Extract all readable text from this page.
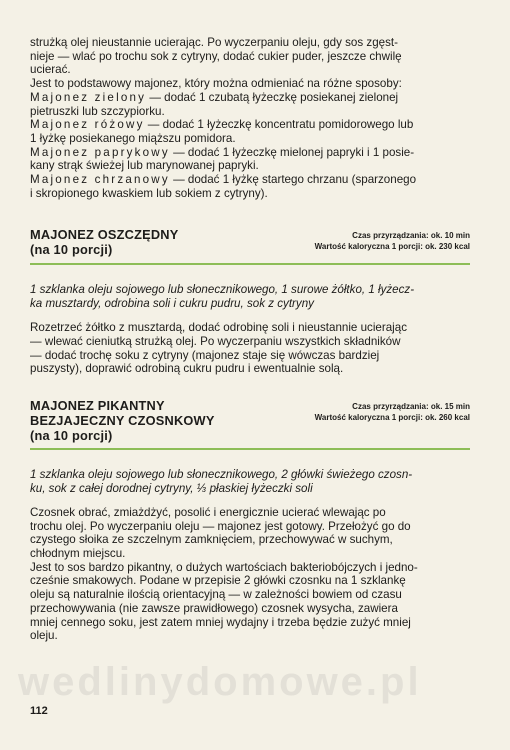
wedlinydomowe.pl

strużką olej nieustannie ucierając. Po wyczerpaniu oleju, gdy sos zgęst-

nieje — wlać po trochu sok z cytryny, dodać cukier puder, jeszcze chwilę

ucierać.

Jest to podstawowy majonez, który można odmieniać na różne sposoby:

Majonez zielony — dodać 1 czubatą łyżeczkę posiekanej zielonej

pietruszki lub szczypiorku.

Majonez różowy — dodać 1 łyżeczkę koncentratu pomidorowego lub

1 łyżkę posiekanego miąższu pomidora.

Majonez paprykowy — dodać 1 łyżeczkę mielonej papryki i 1 posie-

kany strąk świeżej lub marynowanej papryki.

Majonez chrzanowy — dodać 1 łyżkę startego chrzanu (sparzonego

i skropionego kwaskiem lub sokiem z cytryny).

MAJONEZ OSZCZĘDNY
(na 10 porcji)
Czas przyrządzania: ok. 10 min
Wartość kaloryczna 1 porcji: ok. 230 kcal

1 szklanka oleju sojowego lub słonecznikowego, 1 surowe żółtko, 1 łyżecz-

ka musztardy, odrobina soli i cukru pudru, sok z cytryny

Rozetrzeć żółtko z musztardą, dodać odrobinę soli i nieustannie ucierając

— wlewać cieniutką strużką olej. Po wyczerpaniu wszystkich składników

— dodać trochę soku z cytryny (majonez staje się wówczas bardziej

puszysty), doprawić odrobiną cukru pudru i ewentualnie solą.

MAJONEZ PIKANTNY
BEZJAJECZNY CZOSNKOWY
(na 10 porcji)
Czas przyrządzania: ok. 15 min
Wartość kaloryczna 1 porcji: ok. 260 kcal

1 szklanka oleju sojowego lub słonecznikowego, 2 główki świeżego czosn-

ku, sok z całej dorodnej cytryny, ⅓ płaskiej łyżeczki soli

Czosnek obrać, zmiażdżyć, posolić i energicznie ucierać wlewając po

trochu olej. Po wyczerpaniu oleju — majonez jest gotowy. Przełożyć go do

czystego słoika ze szczelnym zamknięciem, przechowywać w suchym,

chłodnym miejscu.

Jest to sos bardzo pikantny, o dużych wartościach bakteriobójczych i jedno-

cześnie smakowych. Podane w przepisie 2 główki czosnku na 1 szklankę

oleju są naturalnie ilością orientacyjną — w zależności bowiem od czasu

przechowywania (nie zawsze prawidłowego) czosnek wysycha, zawiera

mniej cennego soku, jest zatem mniej wydajny i trzeba będzie zużyć mniej

oleju.

112
